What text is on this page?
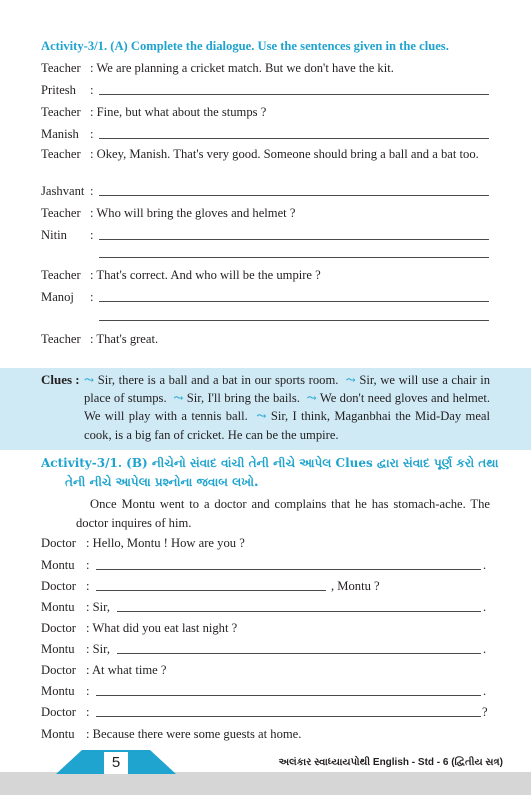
Activity-3/1. (A) Complete the dialogue. Use the sentences given in the clues.
Teacher : We are planning a cricket match. But we don't have the kit.
Pritesh :
Teacher : Fine, but what about the stumps ?
Manish :
Teacher : Okey, Manish. That's very good. Someone should bring a ball and a bat too.
Jashvant :
Teacher : Who will bring the gloves and helmet ?
Nitin :
Teacher : That's correct. And who will be the umpire ?
Manoj :
Teacher : That's great.
Clues : ⤳ Sir, there is a ball and a bat in our sports room. ⤳ Sir, we will use a chair in place of stumps. ⤳ Sir, I'll bring the bails. ⤳ We don't need gloves and helmet. We will play with a tennis ball. ⤳ Sir, I think, Maganbhai the Mid-Day meal cook, is a big fan of cricket. He can be the umpire.
Activity-3/1. (B) નીચેનો સંવાદ વાંચી તેની નીચે આપેલ Clues દ્વારા સંવાદ પૂર્ણ કરો તથા
તેની નીચે આપેલા પ્રશ્નોના જવાબ લખો.
Once Montu went to a doctor and complains that he has stomach-ache. The doctor inquires of him.
Doctor : Hello, Montu ! How are you ?
Montu :	.
Doctor :	, Montu ?
Montu : Sir,	.
Doctor : What did you eat last night ?
Montu : Sir,	.
Doctor : At what time ?
Montu :	.
Doctor :	?
Montu : Because there were some guests at home.
5	અલંકાર સ્વાધ્યાયપોથી English - Std - 6 (દ્વિતીય સત્ર)
